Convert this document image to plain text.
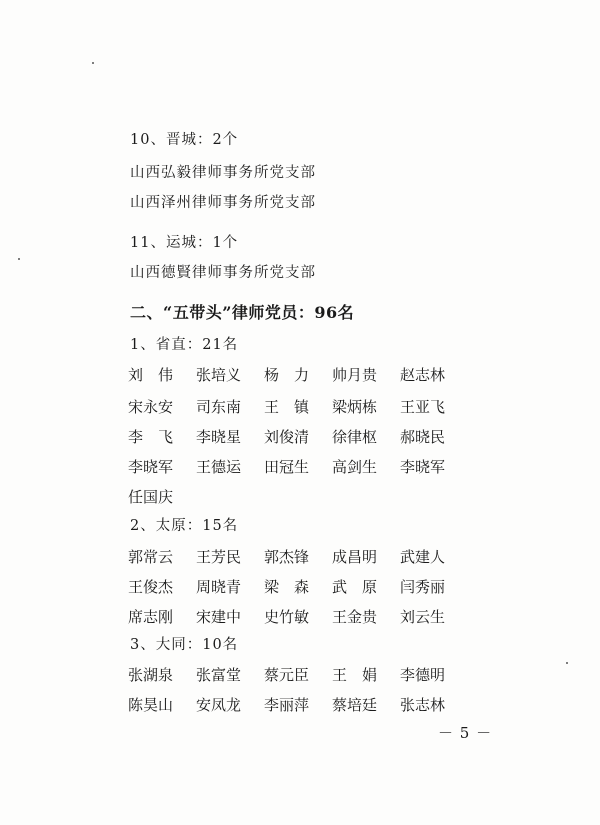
10、晋城：2个
山西弘毅律师事务所党支部
山西泽州律师事务所党支部
11、运城：1个
山西德賢律师事务所党支部
二、“五带头”律师党员：96名
1、省直：21名
刘　伟	张培义	杨　力	帅月贵	赵志林
宋永安	司东南	王　镇	梁炳栋	王亚飞
李　飞	李晓星	刘俊清	徐律枢	郝晓民
李晓军	王德运	田冠生	高剑生	李晓军
任国庆
2、太原：15名
郭常云	王芳民	郭杰锋	成昌明	武建人
王俊杰	周晓青	梁　森	武　原	闫秀丽
席志刚	宋建中	史竹敏	王金贵	刘云生
3、大同：10名
张湖泉	张富堂	蔡元臣	王　娟	李德明
陈昊山	安凤龙	李丽萍	蔡培廷	张志林
－ 5 －
